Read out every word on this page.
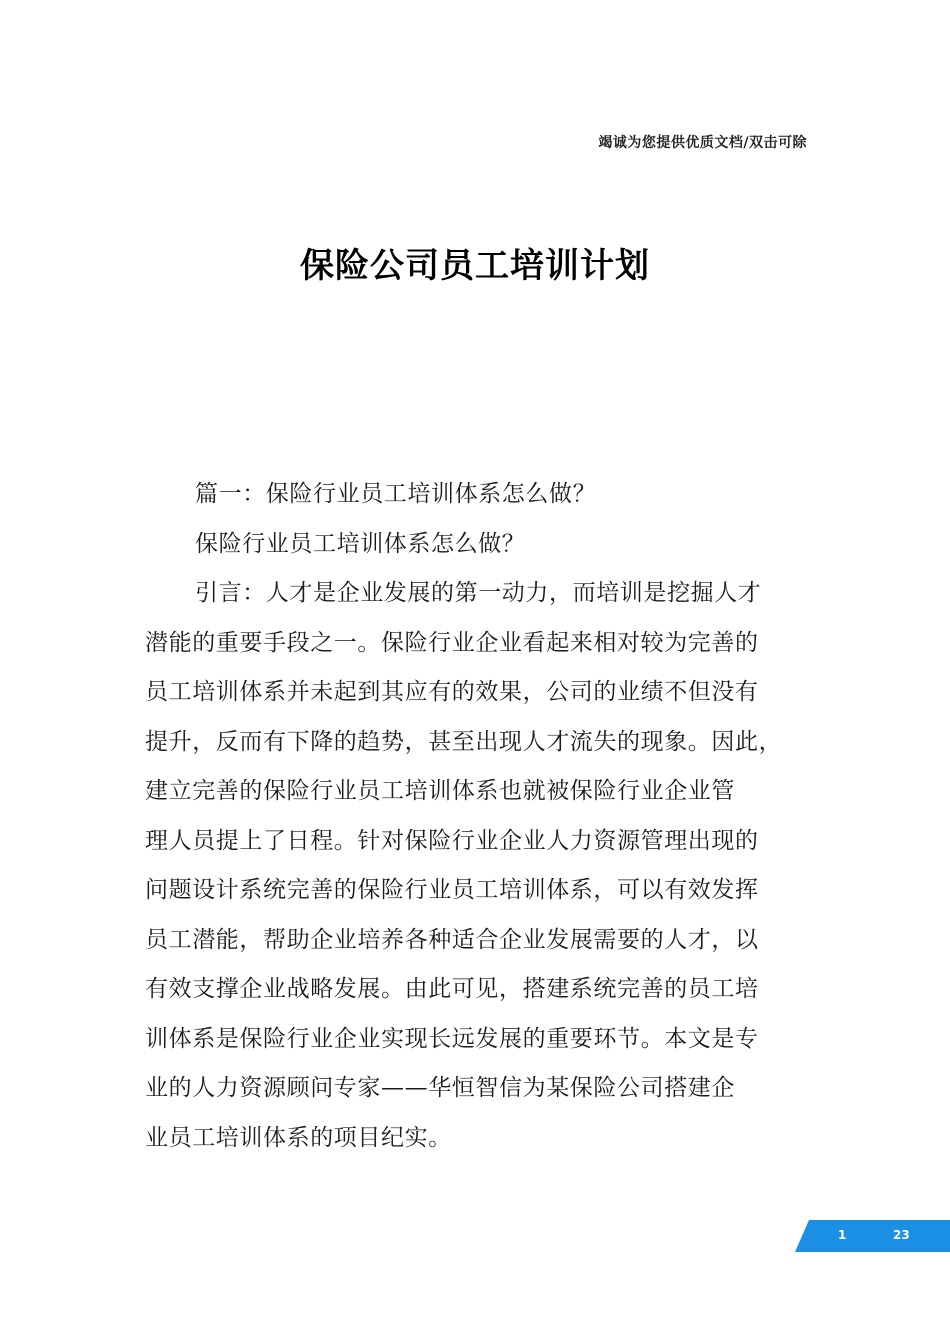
竭诚为您提供优质文档/双击可除
保险公司员工培训计划
篇一：保险行业员工培训体系怎么做？
保险行业员工培训体系怎么做？
引言：人才是企业发展的第一动力，而培训是挖掘人才
潜能的重要手段之一。保险行业企业看起来相对较为完善的
员工培训体系并未起到其应有的效果，公司的业绩不但没有
提升，反而有下降的趋势，甚至出现人才流失的现象。因此，
建立完善的保险行业员工培训体系也就被保险行业企业管
理人员提上了日程。针对保险行业企业人力资源管理出现的
问题设计系统完善的保险行业员工培训体系，可以有效发挥
员工潜能，帮助企业培养各种适合企业发展需要的人才，以
有效支撑企业战略发展。由此可见，搭建系统完善的员工培
训体系是保险行业企业实现长远发展的重要环节。本文是专
业的人力资源顾问专家——华恒智信为某保险公司搭建企
业员工培训体系的项目纪实。
1	23
